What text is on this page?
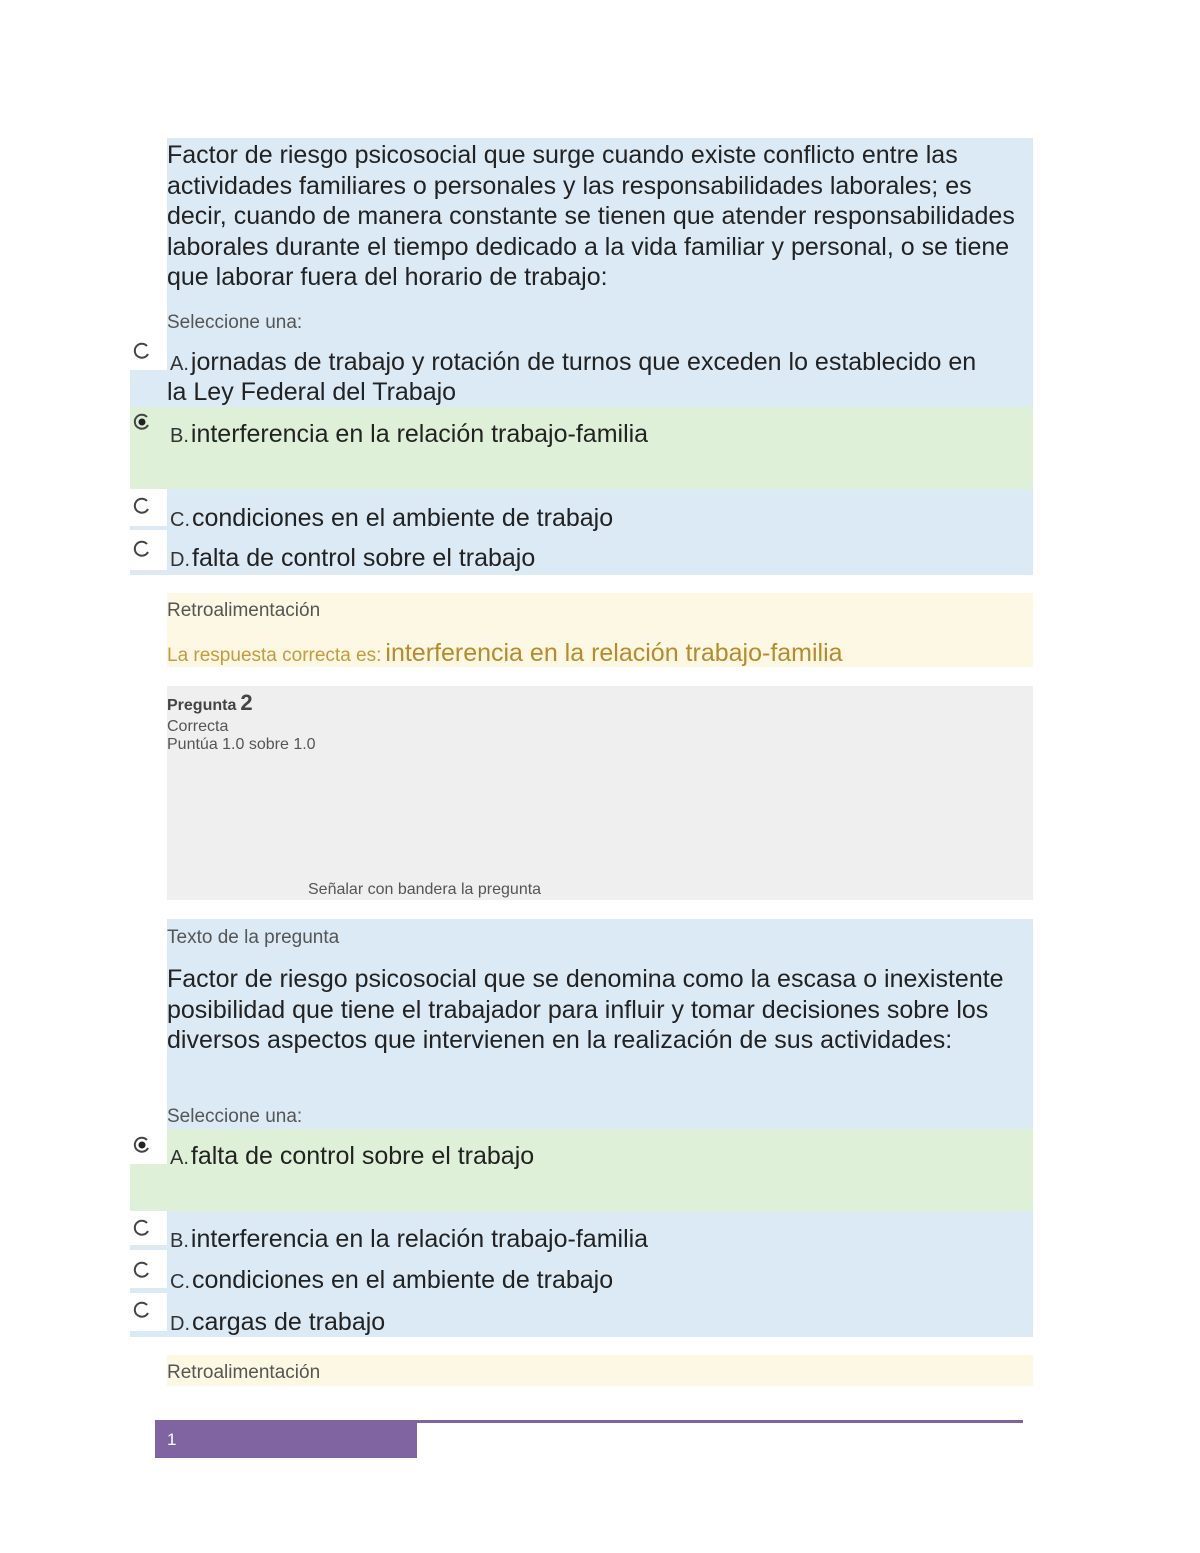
Factor de riesgo psicosocial que surge cuando existe conflicto entre las actividades familiares o personales y las responsabilidades laborales; es decir, cuando de manera constante se tienen que atender responsabilidades laborales durante el tiempo dedicado a la vida familiar y personal, o se tiene que laborar fuera del horario de trabajo:
Seleccione una:
A.jornadas de trabajo y rotación de turnos que exceden lo establecido en
la Ley Federal del Trabajo
B.interferencia en la relación trabajo-familia
C.condiciones en el ambiente de trabajo
D.falta de control sobre el trabajo
Retroalimentación
La respuesta correcta es: interferencia en la relación trabajo-familia
Pregunta 2
Correcta
Puntúa 1.0 sobre 1.0
Señalar con bandera la pregunta
Texto de la pregunta
Factor de riesgo psicosocial que se denomina como la escasa o inexistente posibilidad que tiene el trabajador para influir y tomar decisiones sobre los diversos aspectos que intervienen en la realización de sus actividades:
Seleccione una:
A.falta de control sobre el trabajo
B.interferencia en la relación trabajo-familia
C.condiciones en el ambiente de trabajo
D.cargas de trabajo
Retroalimentación
1
